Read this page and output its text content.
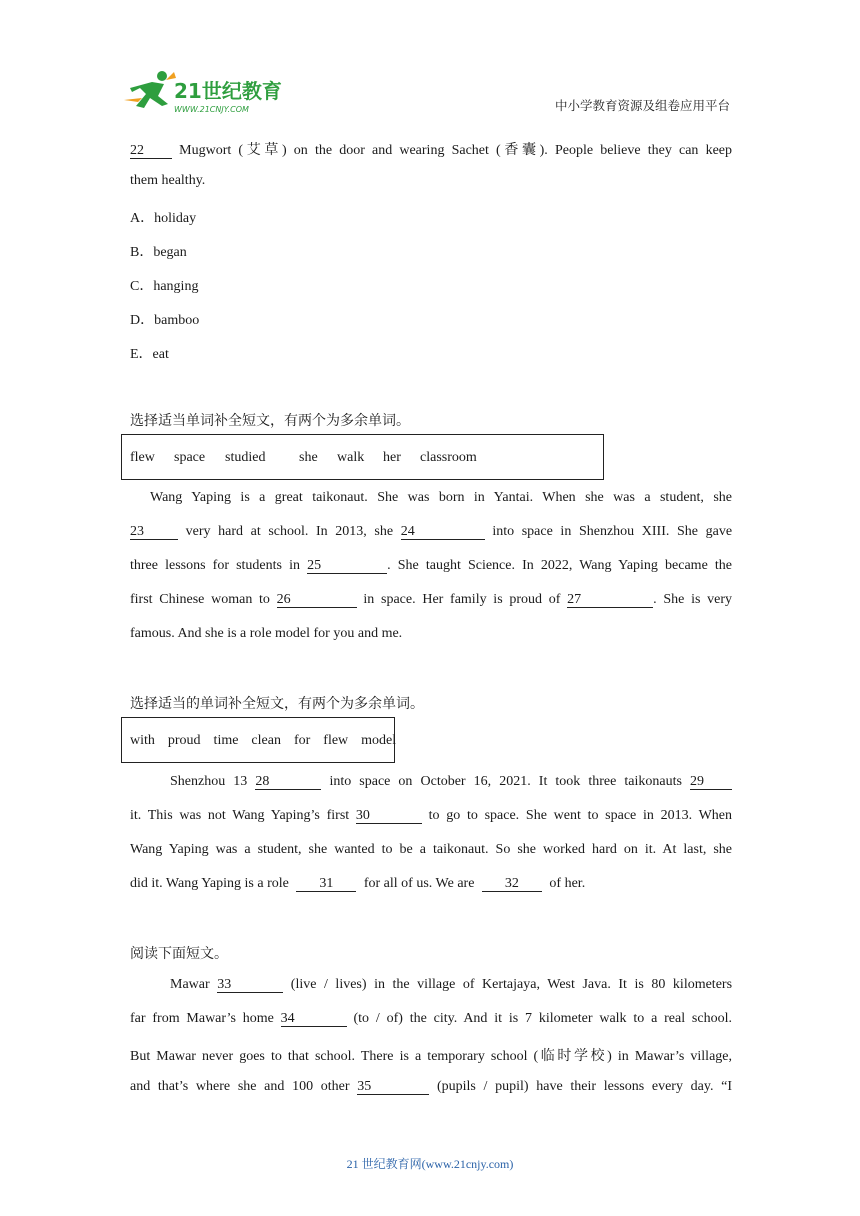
21世纪教育
WWW.21CNJY.COM	中小学教育资源及组卷应用平台
22	Mugwort (艾草) on the door and wearing Sachet (香囊). People believe they can keep
them healthy.
A．holiday
B．began
C．hanging
D．bamboo
E．eat
选择适当单词补全短文，有两个为多余单词。
flew space studied she walk her classroom
Wang Yaping is a great taikonaut. She was born in Yantai. When she was a student, she
23	very hard at school. In 2013, she 24	into space in Shenzhou XIII. She gave
three lessons for students in 25	. She taught Science. In 2022, Wang Yaping became the
first Chinese woman to 26	in space. Her family is proud of 27	. She is very
famous. And she is a role model for you and me.
选择适当的单词补全短文，有两个为多余单词。
with  proud  time  clean  for  flew  model
Shenzhou 13 28	into space on October 16, 2021. It took three taikonauts 29
it. This was not Wang Yaping’s first 30	to go to space. She went to space in 2013. When
Wang Yaping was a student, she wanted to be a taikonaut. So she worked hard on it. At last, she
did it. Wang Yaping is a role 31 for all of us. We are 32 of her.
阅读下面短文。
Mawar 33	(live / lives) in the village of Kertajaya, West Java. It is 80 kilometers
far from Mawar’s home 34	(to / of) the city. And it is 7 kilometer walk to a real school.
But Mawar never goes to that school. There is a temporary school (临时学校) in Mawar’s village,
and that’s where she and 100 other 35	(pupils / pupil) have their lessons every day. “I
21 世纪教育网(www.21cnjy.com)
